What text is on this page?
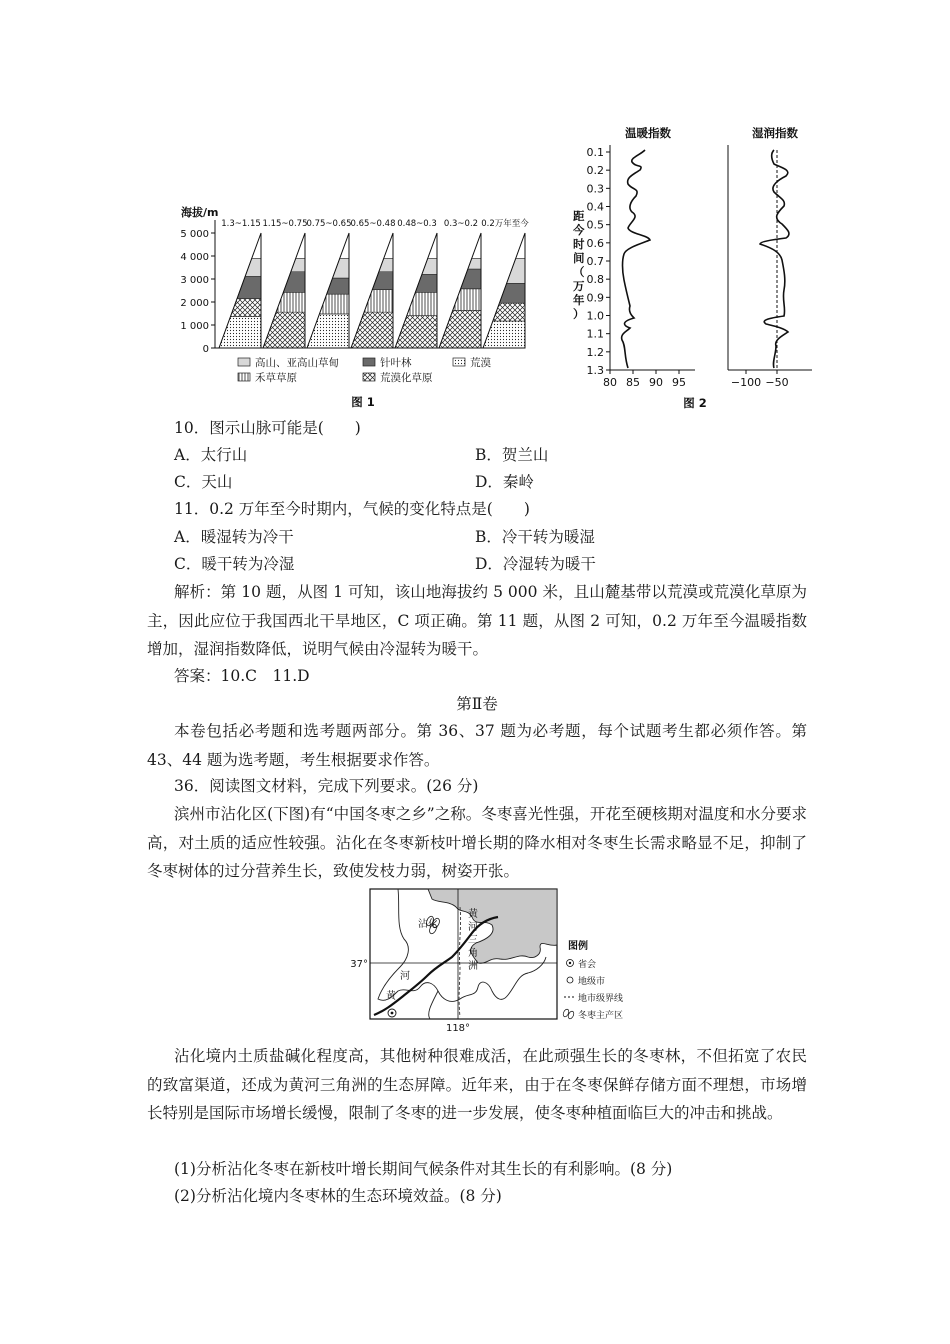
海拔/m
5 000
4 000
3 000
2 000
1 000
0
1.3~1.15 1.15~0.75 0.75~0.65 0.65~0.48 0.48~0.3 0.3~0.2 0.2万年至今
高山、亚高山草甸	针叶林	荒漠
禾草草原	荒漠化草原
图 1
温暖指数	湿润指数
距
今
时
间
（
万
年
）
0.1
0.2
0.3
0.4
0.5
0.6
0.7
0.8
0.9
1.0
1.1
1.2
1.3
80 85 90 95	−100 −50
图 2
10．图示山脉可能是(　　)
A．太行山	B．贺兰山
C．天山	D．秦岭
11．0.2 万年至今时期内，气候的变化特点是(　　)
A．暖湿转为冷干	B．冷干转为暖湿
C．暖干转为冷湿	D．冷湿转为暖干
解析：第 10 题，从图 1 可知，该山地海拔约 5 000 米，且山麓基带以荒漠或荒漠化草原为主，因此应位于我国西北干旱地区，C 项正确。第 11 题，从图 2 可知，0.2 万年至今温暖指数增加，湿润指数降低，说明气候由冷湿转为暖干。
答案：10.C　11.D
第Ⅱ卷
本卷包括必考题和选考题两部分。第 36、37 题为必考题，每个试题考生都必须作答。第 43、44 题为选考题，考生根据要求作答。
36．阅读图文材料，完成下列要求。(26 分)
滨州市沾化区(下图)有“中国冬枣之乡”之称。冬枣喜光性强，开花至硬核期对温度和水分要求高，对土质的适应性较强。沾化在冬枣新枝叶增长期的降水相对冬枣生长需求略显不足，抑制了冬枣树体的过分营养生长，致使发枝力弱，树姿开张。
沾化
黄
河
三
角
洲
河
黄
37°
118°
图例
省会
地级市
地市级界线
冬枣主产区
沾化境内土质盐碱化程度高，其他树种很难成活，在此顽强生长的冬枣林，不但拓宽了农民的致富渠道，还成为黄河三角洲的生态屏障。近年来，由于在冬枣保鲜存储方面不理想，市场增长特别是国际市场增长缓慢，限制了冬枣的进一步发展，使冬枣种植面临巨大的冲击和挑战。
(1)分析沾化冬枣在新枝叶增长期间气候条件对其生长的有利影响。(8 分)
(2)分析沾化境内冬枣林的生态环境效益。(8 分)
